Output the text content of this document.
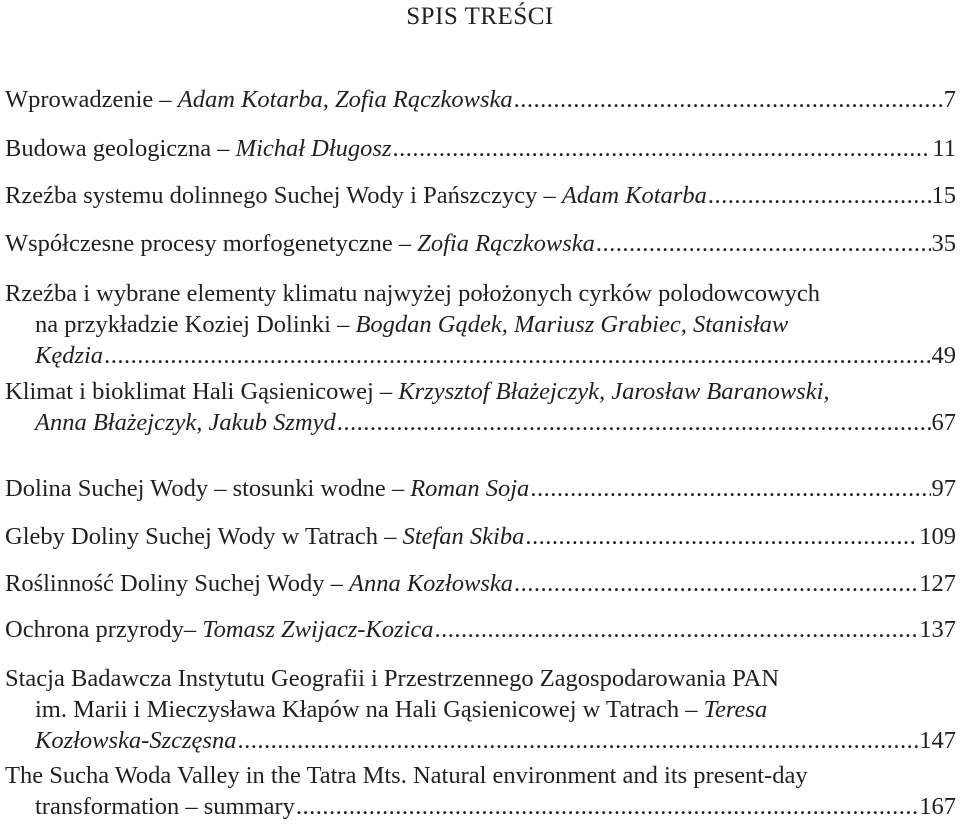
SPIS TREŚCI
Wprowadzenie – Adam Kotarba, Zofia Rączkowska .....	7
Budowa geologiczna – Michał Długosz .....	11
Rzeźba systemu dolinnego Suchej Wody i Pańszczycy – Adam Kotarba .....	15
Współczesne procesy morfogenetyczne – Zofia Rączkowska .....	35
Rzeźba i wybrane elementy klimatu najwyżej położonych cyrków polodowcowych
na przykładzie Koziej Dolinki – Bogdan Gądek, Mariusz Grabiec, Stanisław
Kędzia .....	49
Klimat i bioklimat Hali Gąsienicowej – Krzysztof Błażejczyk, Jarosław Baranowski,
Anna Błażejczyk, Jakub Szmyd .....	67
Dolina Suchej Wody – stosunki wodne – Roman Soja .....	97
Gleby Doliny Suchej Wody w Tatrach – Stefan Skiba .....	109
Roślinność Doliny Suchej Wody – Anna Kozłowska .....	127
Ochrona przyrody– Tomasz Zwijacz-Kozica .....	137
Stacja Badawcza Instytutu Geografii i Przestrzennego Zagospodarowania PAN
im. Marii i Mieczysława Kłapów na Hali Gąsienicowej w Tatrach – Teresa
Kozłowska-Szczęsna .....	147
The Sucha Woda Valley in the Tatra Mts. Natural environment and its present-day
transformation – summary .....	167
